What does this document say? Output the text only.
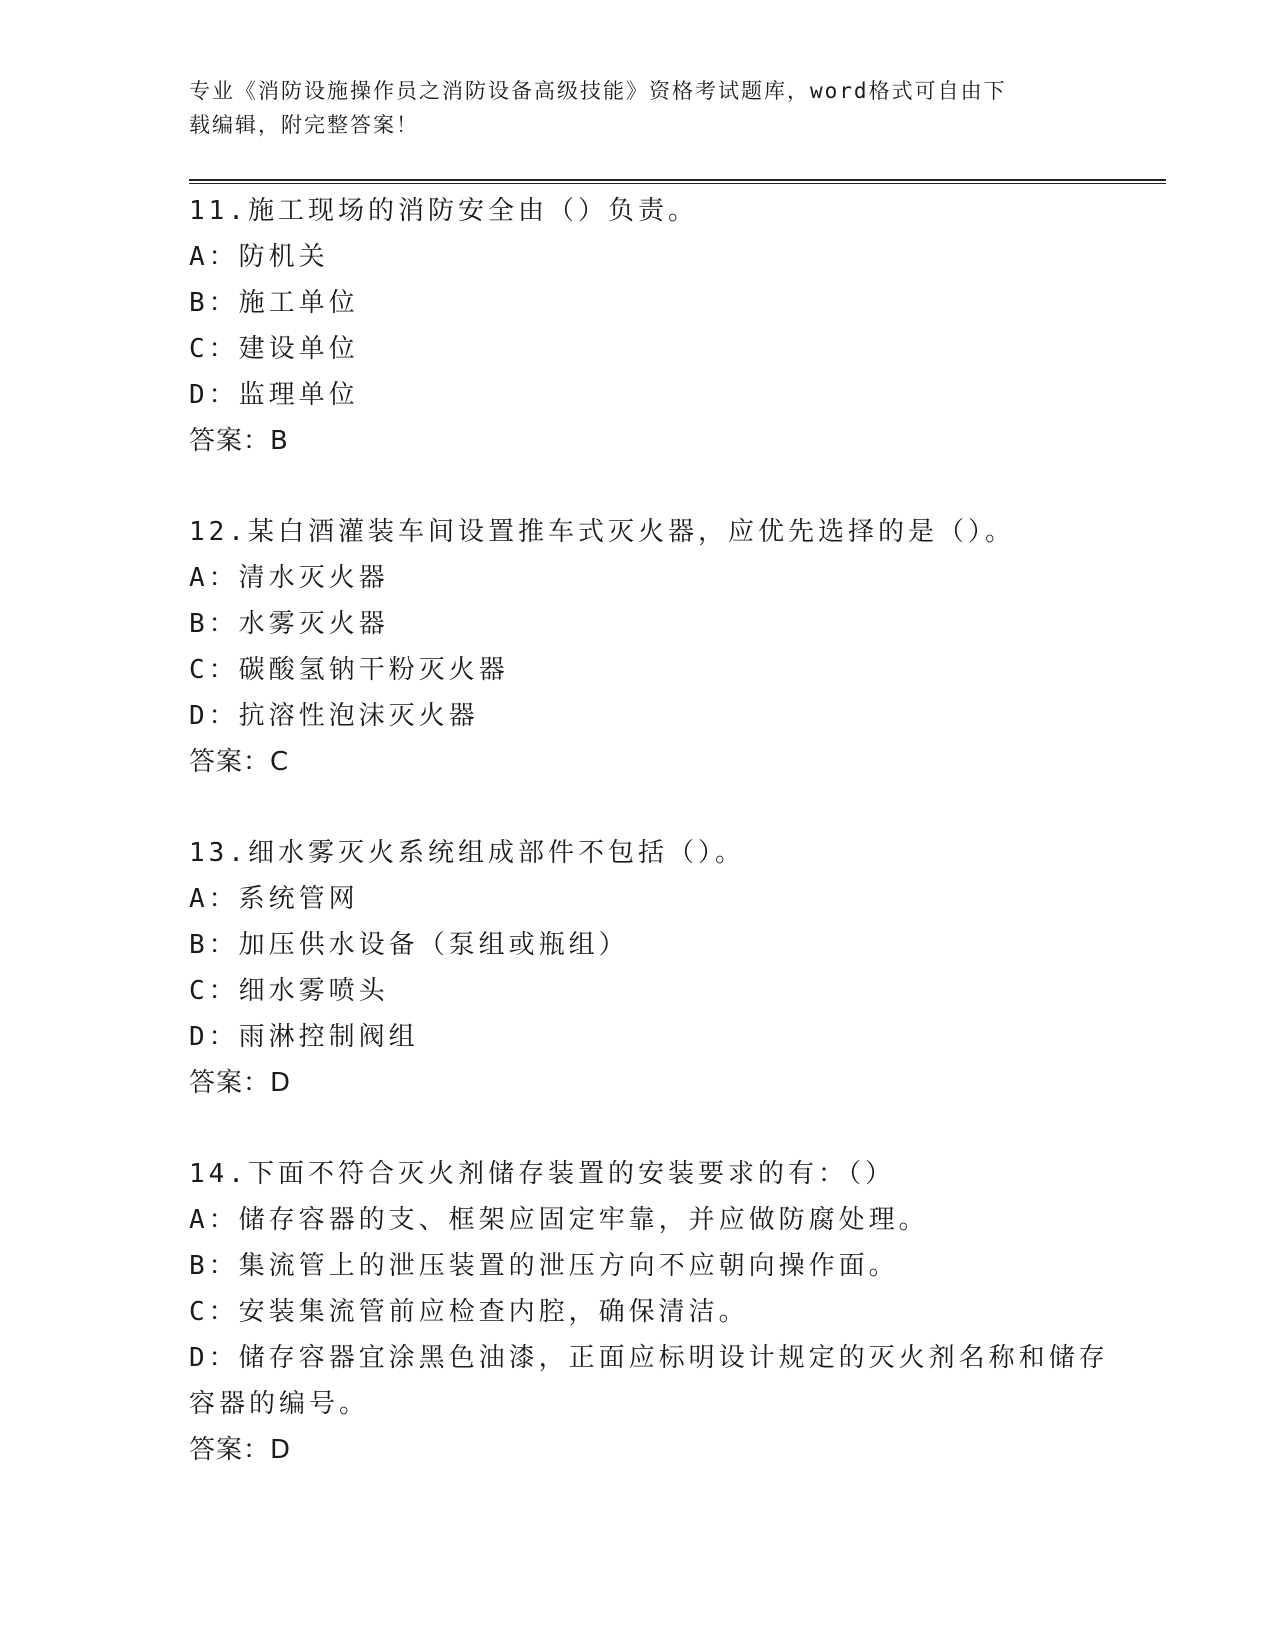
专业《消防设施操作员之消防设备高级技能》资格考试题库，word格式可自由下
载编辑，附完整答案！
11.施工现场的消防安全由（）负责。
A：防机关
B：施工单位
C：建设单位
D：监理单位
答案：B
12.某白酒灌装车间设置推车式灭火器，应优先选择的是（）。
A：清水灭火器
B：水雾灭火器
C：碳酸氢钠干粉灭火器
D：抗溶性泡沫灭火器
答案：C
13.细水雾灭火系统组成部件不包括（）。
A：系统管网
B：加压供水设备（泵组或瓶组）
C：细水雾喷头
D：雨淋控制阀组
答案：D
14.下面不符合灭火剂储存装置的安装要求的有：（）
A：储存容器的支、框架应固定牢靠，并应做防腐处理。
B：集流管上的泄压装置的泄压方向不应朝向操作面。
C：安装集流管前应检查内腔，确保清洁。
D：储存容器宜涂黑色油漆，正面应标明设计规定的灭火剂名称和储存
容器的编号。
答案：D
